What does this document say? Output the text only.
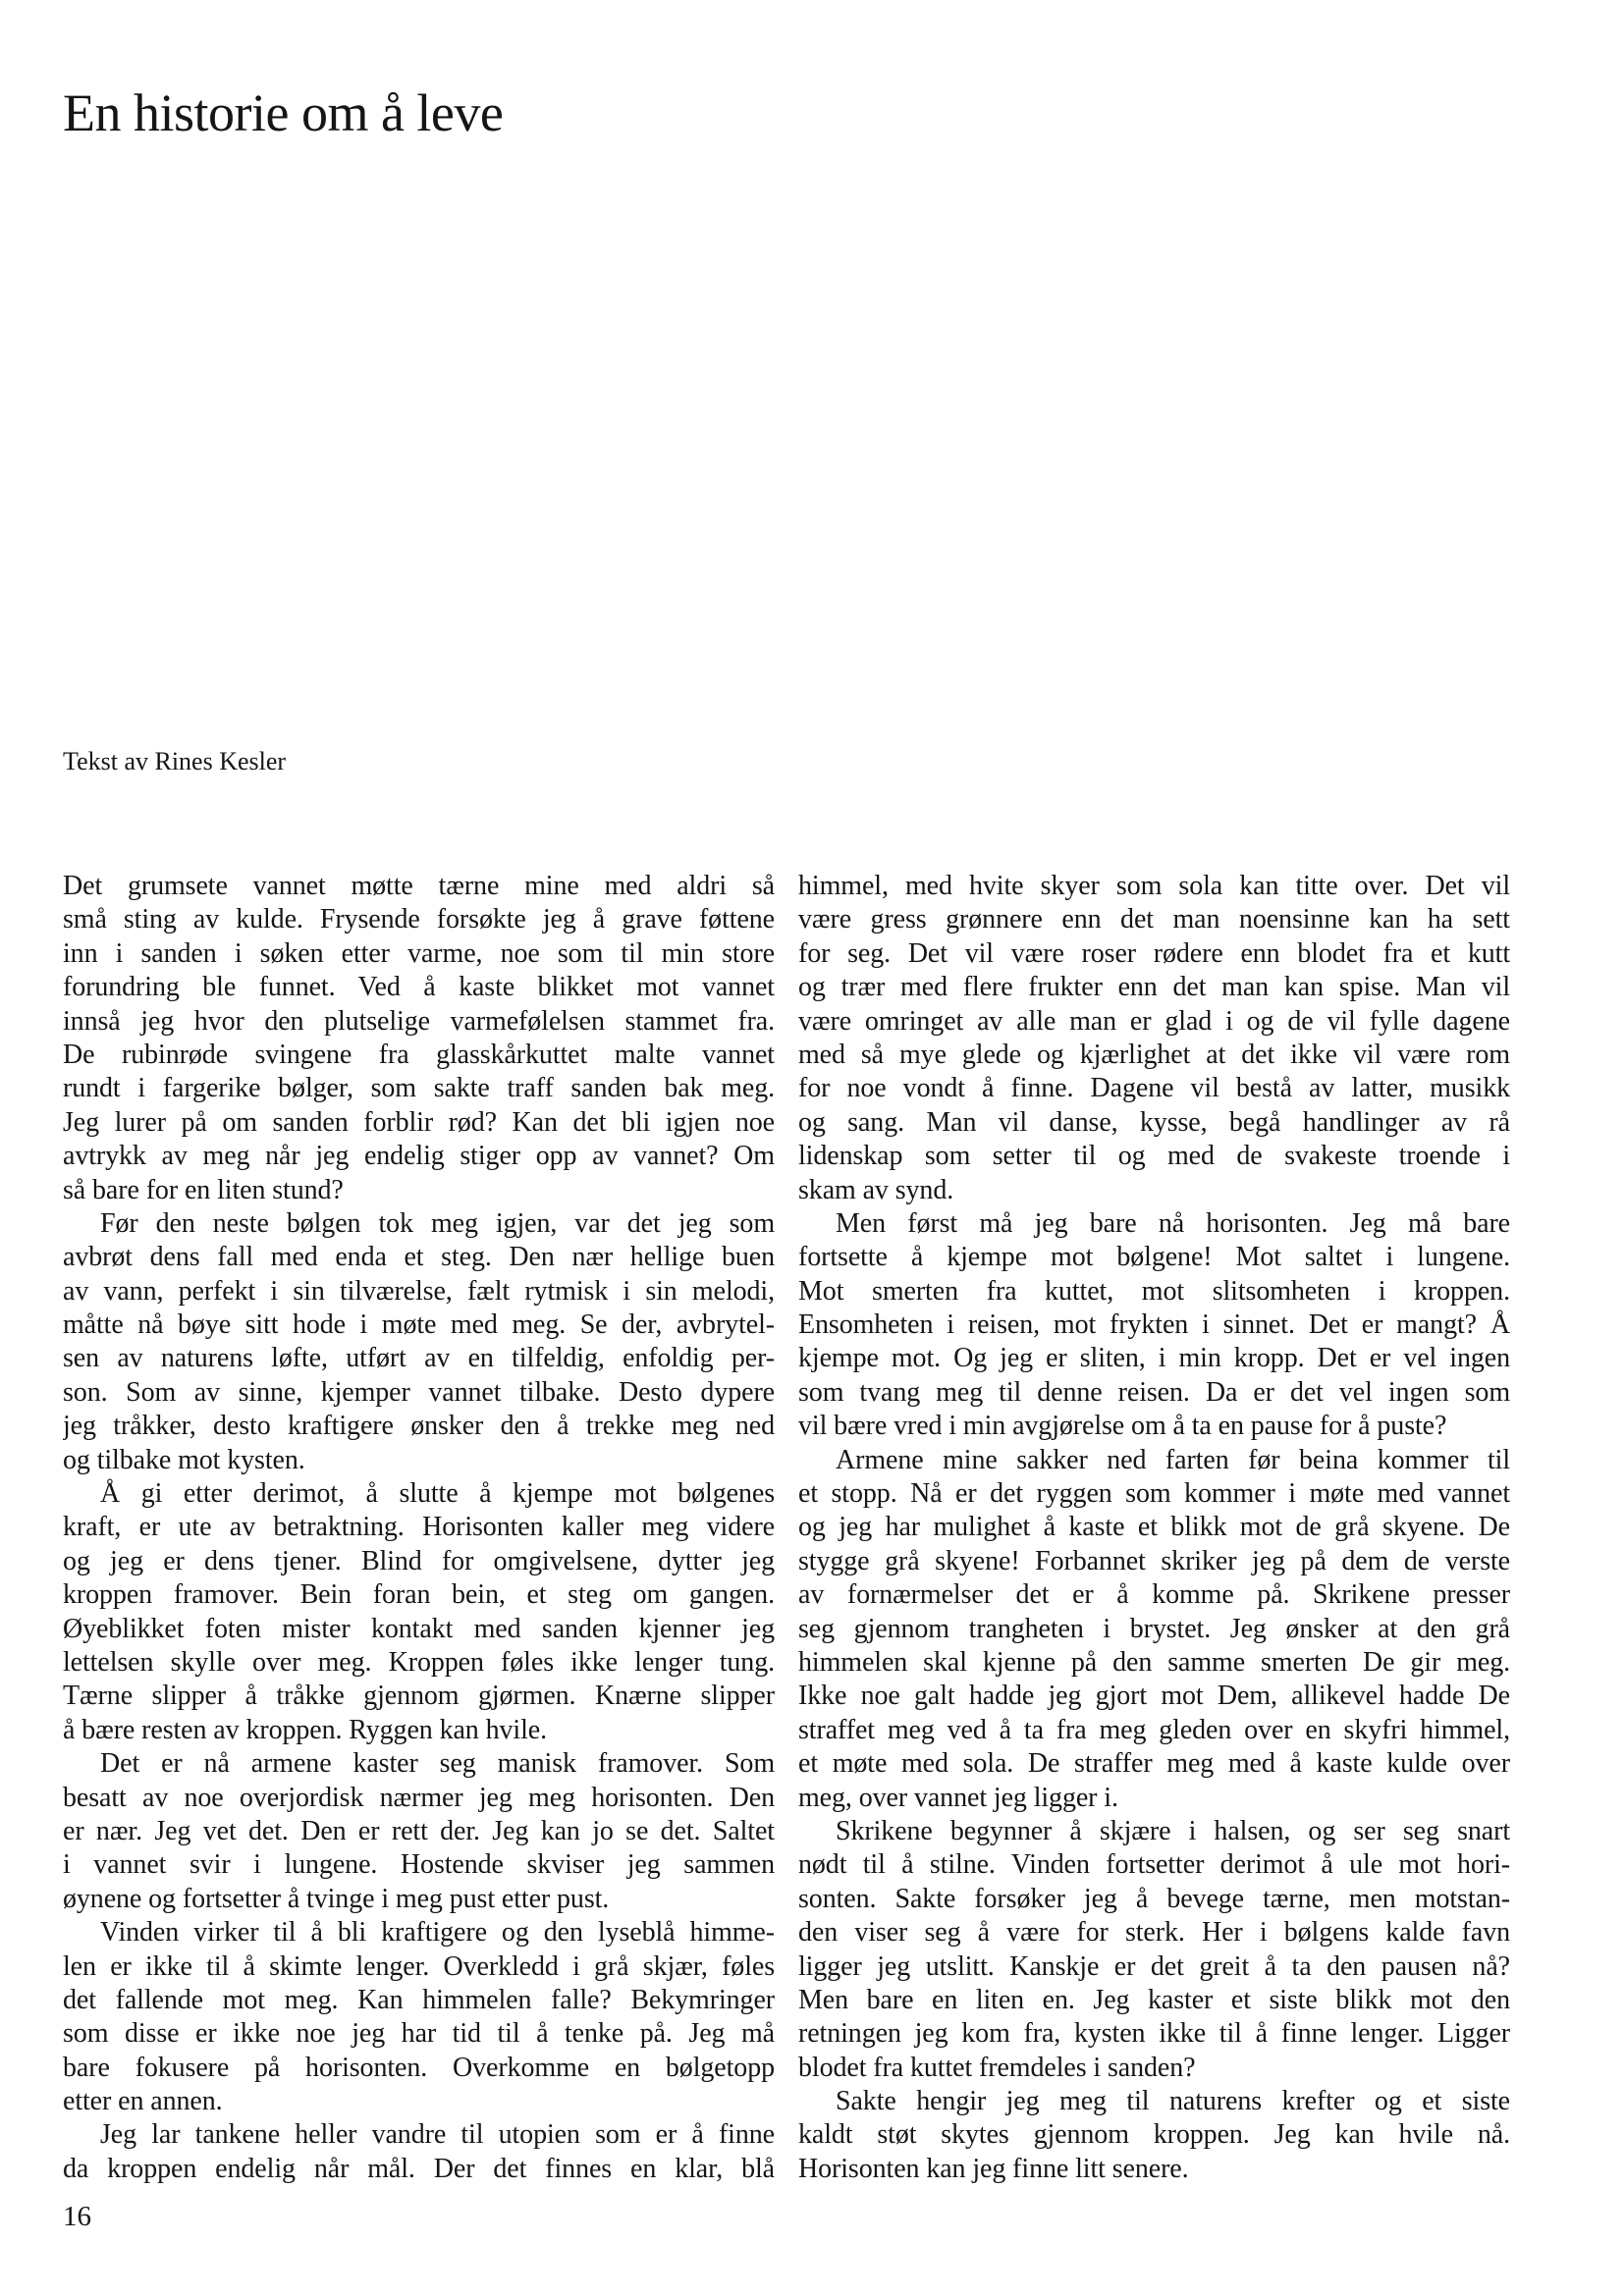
En historie om å leve
Tekst av Rines Kesler
Det grumsete vannet møtte tærne mine med aldri så
små sting av kulde. Frysende forsøkte jeg å grave føttene
inn i sanden i søken etter varme, noe som til min store
forundring ble funnet. Ved å kaste blikket mot vannet
innså jeg hvor den plutselige varmefølelsen stammet fra.
De rubinrøde svingene fra glasskårkuttet malte vannet
rundt i fargerike bølger, som sakte traff sanden bak meg.
Jeg lurer på om sanden forblir rød? Kan det bli igjen noe
avtrykk av meg når jeg endelig stiger opp av vannet? Om
så bare for en liten stund?
Før den neste bølgen tok meg igjen, var det jeg som
avbrøt dens fall med enda et steg. Den nær hellige buen
av vann, perfekt i sin tilværelse, fælt rytmisk i sin melodi,
måtte nå bøye sitt hode i møte med meg. Se der, avbrytel-
sen av naturens løfte, utført av en tilfeldig, enfoldig per-
son. Som av sinne, kjemper vannet tilbake. Desto dypere
jeg tråkker, desto kraftigere ønsker den å trekke meg ned
og tilbake mot kysten.
Å gi etter derimot, å slutte å kjempe mot bølgenes
kraft, er ute av betraktning. Horisonten kaller meg videre
og jeg er dens tjener. Blind for omgivelsene, dytter jeg
kroppen framover. Bein foran bein, et steg om gangen.
Øyeblikket foten mister kontakt med sanden kjenner jeg
lettelsen skylle over meg. Kroppen føles ikke lenger tung.
Tærne slipper å tråkke gjennom gjørmen. Knærne slipper
å bære resten av kroppen. Ryggen kan hvile.
Det er nå armene kaster seg manisk framover. Som
besatt av noe overjordisk nærmer jeg meg horisonten. Den
er nær. Jeg vet det. Den er rett der. Jeg kan jo se det. Saltet
i vannet svir i lungene. Hostende skviser jeg sammen
øynene og fortsetter å tvinge i meg pust etter pust.
Vinden virker til å bli kraftigere og den lyseblå himme-
len er ikke til å skimte lenger. Overkledd i grå skjær, føles
det fallende mot meg. Kan himmelen falle? Bekymringer
som disse er ikke noe jeg har tid til å tenke på. Jeg må
bare fokusere på horisonten. Overkomme en bølgetopp
etter en annen.
Jeg lar tankene heller vandre til utopien som er å finne
da kroppen endelig når mål. Der det finnes en klar, blå
himmel, med hvite skyer som sola kan titte over. Det vil
være gress grønnere enn det man noensinne kan ha sett
for seg. Det vil være roser rødere enn blodet fra et kutt
og trær med flere frukter enn det man kan spise. Man vil
være omringet av alle man er glad i og de vil fylle dagene
med så mye glede og kjærlighet at det ikke vil være rom
for noe vondt å finne. Dagene vil bestå av latter, musikk
og sang. Man vil danse, kysse, begå handlinger av rå
lidenskap som setter til og med de svakeste troende i
skam av synd.
Men først må jeg bare nå horisonten. Jeg må bare
fortsette å kjempe mot bølgene! Mot saltet i lungene.
Mot smerten fra kuttet, mot slitsomheten i kroppen.
Ensomheten i reisen, mot frykten i sinnet. Det er mangt? Å
kjempe mot. Og jeg er sliten, i min kropp. Det er vel ingen
som tvang meg til denne reisen. Da er det vel ingen som
vil bære vred i min avgjørelse om å ta en pause for å puste?
Armene mine sakker ned farten før beina kommer til
et stopp. Nå er det ryggen som kommer i møte med vannet
og jeg har mulighet å kaste et blikk mot de grå skyene. De
stygge grå skyene! Forbannet skriker jeg på dem de verste
av fornærmelser det er å komme på. Skrikene presser
seg gjennom trangheten i brystet. Jeg ønsker at den grå
himmelen skal kjenne på den samme smerten De gir meg.
Ikke noe galt hadde jeg gjort mot Dem, allikevel hadde De
straffet meg ved å ta fra meg gleden over en skyfri himmel,
et møte med sola. De straffer meg med å kaste kulde over
meg, over vannet jeg ligger i.
Skrikene begynner å skjære i halsen, og ser seg snart
nødt til å stilne. Vinden fortsetter derimot å ule mot hori-
sonten. Sakte forsøker jeg å bevege tærne, men motstan-
den viser seg å være for sterk. Her i bølgens kalde favn
ligger jeg utslitt. Kanskje er det greit å ta den pausen nå?
Men bare en liten en. Jeg kaster et siste blikk mot den
retningen jeg kom fra, kysten ikke til å finne lenger. Ligger
blodet fra kuttet fremdeles i sanden?
Sakte hengir jeg meg til naturens krefter og et siste
kaldt støt skytes gjennom kroppen. Jeg kan hvile nå.
Horisonten kan jeg finne litt senere.
16
